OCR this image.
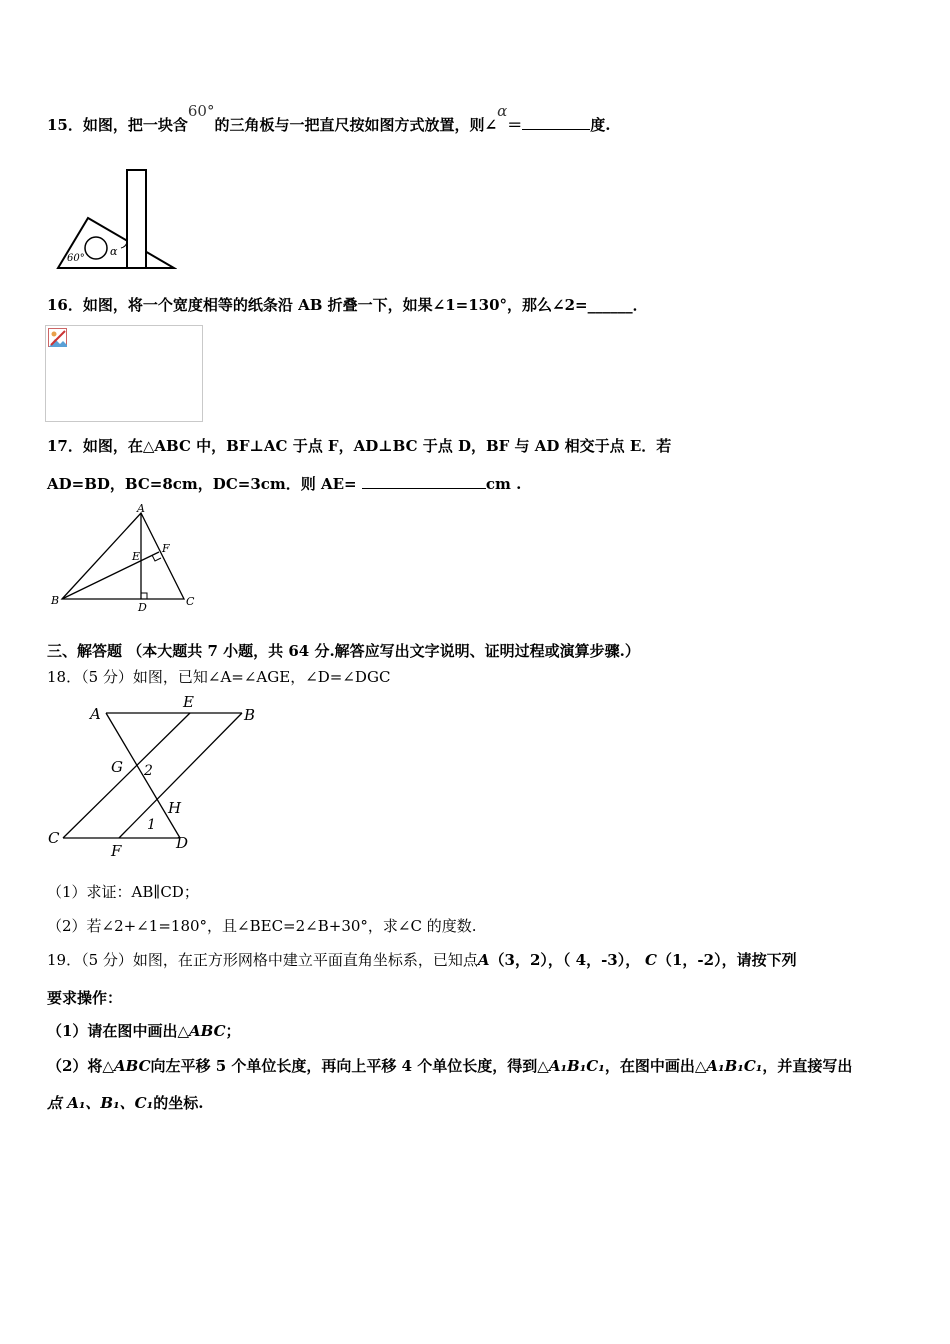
15．如图，把一块含60°的三角板与一把直尺按如图方式放置，则∠α＝	度.
60°
α
16．如图，将一个宽度相等的纸条沿 AB 折叠一下，如果∠1=130°，那么∠2=______．
17．如图，在△ABC 中，BF⊥AC 于点 F，AD⊥BC 于点 D，BF 与 AD 相交于点 E．若
AD=BD，BC=8cm，DC=3cm．则 AE=	cm .
A
B	C
D
E
F
三、解答题 （本大题共 7 小题，共 64 分.解答应写出文字说明、证明过程或演算步骤.）
18．（5 分）如图，已知∠A=∠AGE，∠D=∠DGC
A
E
B
G 2
H
1
C
F	D
（1）求证：AB∥CD；
（2）若∠2+∠1=180°，且∠BEC=2∠B+30°，求∠C 的度数.
19．（5 分）如图，在正方形网格中建立平面直角坐标系，已知点A（3，2），（ 4，-3）， C（1，-2），请按下列
要求操作：
（1）请在图中画出△ABC；
（2）将△ABC向左平移 5 个单位长度，再向上平移 4 个单位长度，得到△A₁B₁C₁，在图中画出△A₁B₁C₁，并直接写出
点 A₁、B₁、C₁的坐标.
